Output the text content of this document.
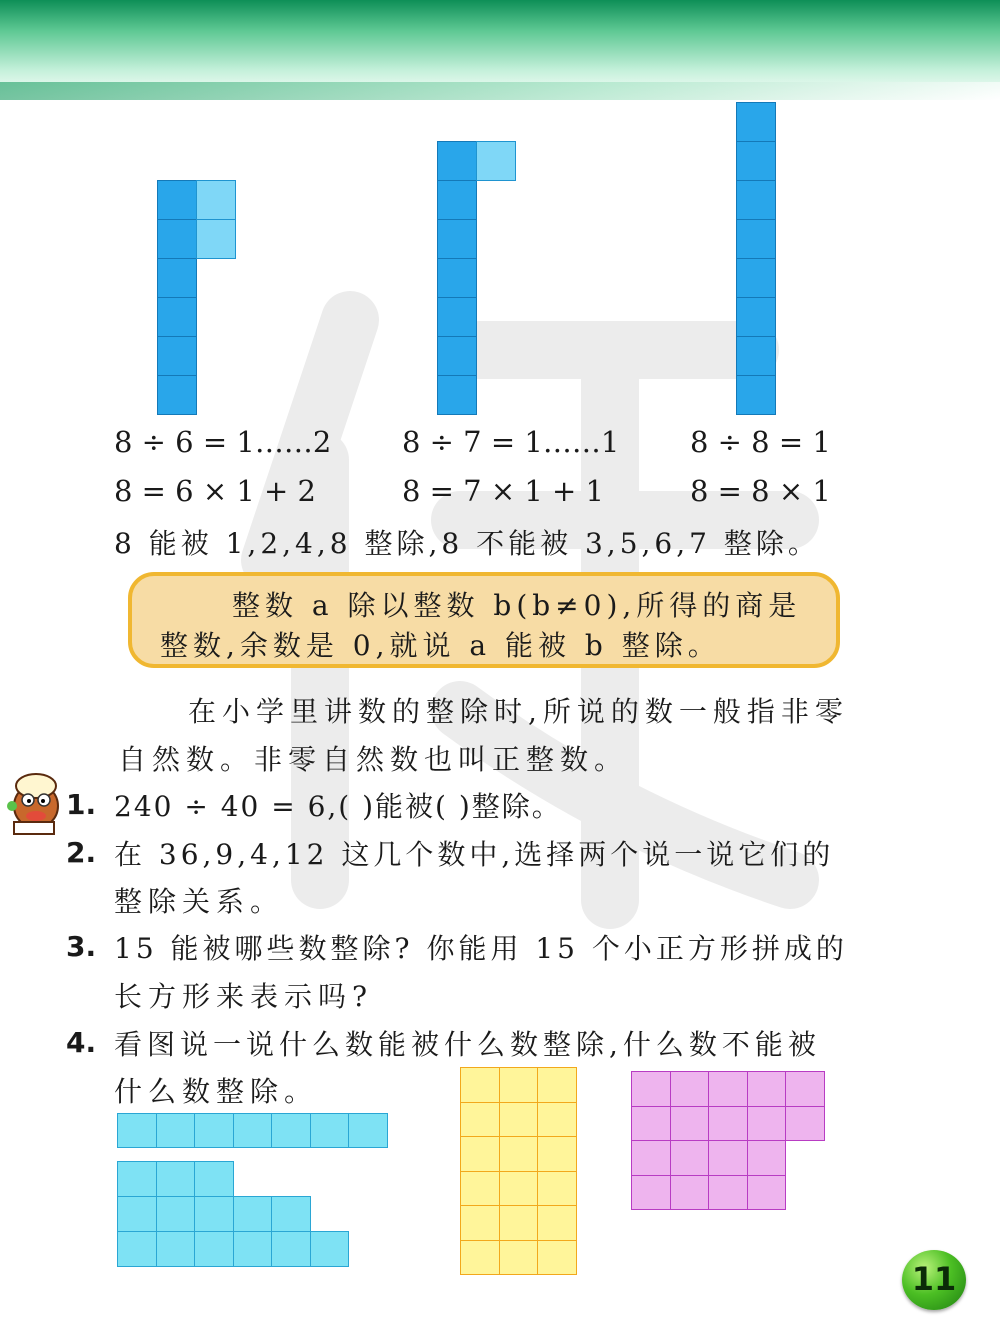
8 ÷ 6 = 1……2
8 = 6 × 1 + 2
8 ÷ 7 = 1……1
8 = 7 × 1 + 1
8 ÷ 8 = 1
8 = 8 × 1
8 能被 1,2,4,8 整除,8 不能被 3,5,6,7 整除。
整数 a 除以整数 b(b≠0),所得的商是
整数,余数是 0,就说 a 能被 b 整除。
在小学里讲数的整除时,所说的数一般指非零
自然数。非零自然数也叫正整数。
1. 240 ÷ 40 = 6,( )能被( )整除。
2. 在 36,9,4,12 这几个数中,选择两个说一说它们的
整除关系。
3. 15 能被哪些数整除? 你能用 15 个小正方形拼成的
长方形来表示吗?
4. 看图说一说什么数能被什么数整除,什么数不能被
什么数整除。
11
